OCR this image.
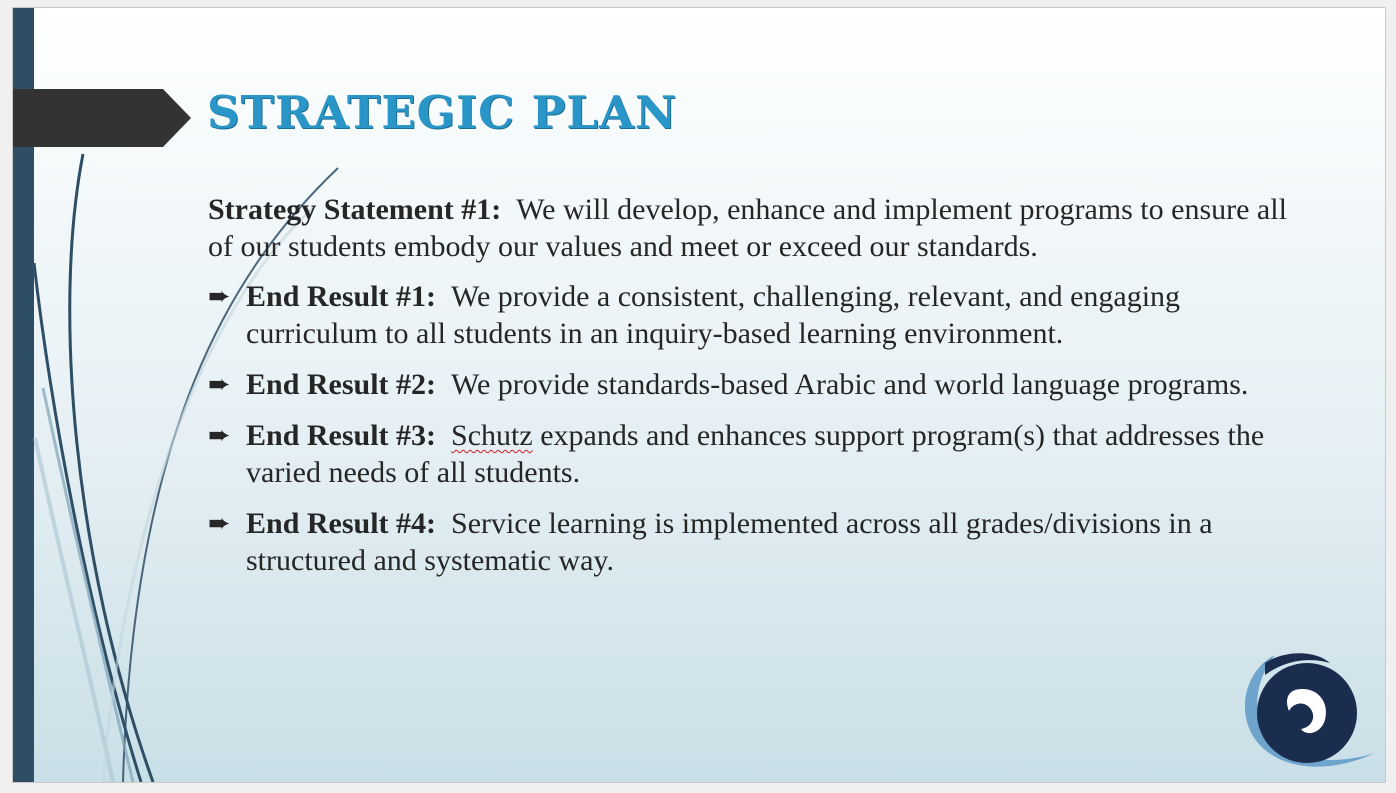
STRATEGIC PLAN

Strategy Statement #1: We will develop, enhance and implement programs to ensure all of our students embody our values and meet or exceed our standards.

➨ End Result #1: We provide a consistent, challenging, relevant, and engaging curriculum to all students in an inquiry-based learning environment.
➨ End Result #2: We provide standards-based Arabic and world language programs.
➨ End Result #3: Schutz expands and enhances support program(s) that addresses the varied needs of all students.
➨ End Result #4: Service learning is implemented across all grades/divisions in a structured and systematic way.
